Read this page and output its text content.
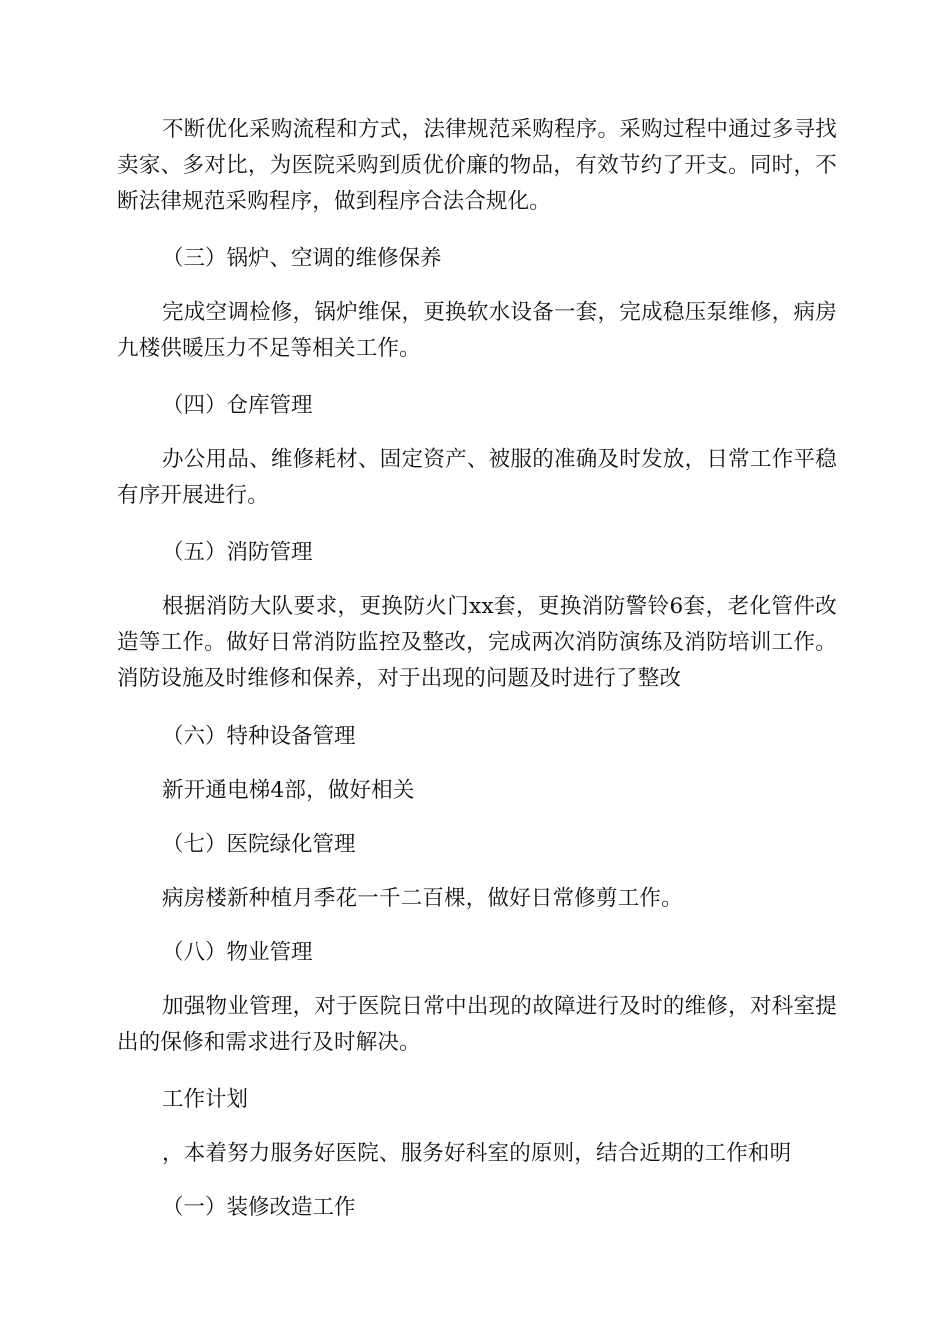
不断优化采购流程和方式，法律规范采购程序。采购过程中通过多寻找卖家、多对比，为医院采购到质优价廉的物品，有效节约了开支。同时，不断法律规范采购程序，做到程序合法合规化。

（三）锅炉、空调的维修保养

完成空调检修，锅炉维保，更换软水设备一套，完成稳压泵维修，病房九楼供暖压力不足等相关工作。

（四）仓库管理

办公用品、维修耗材、固定资产、被服的准确及时发放，日常工作平稳有序开展进行。

（五）消防管理

根据消防大队要求，更换防火门xx套，更换消防警铃6套，老化管件改造等工作。做好日常消防监控及整改，完成两次消防演练及消防培训工作。消防设施及时维修和保养，对于出现的问题及时进行了整改

（六）特种设备管理

新开通电梯4部，做好相关

（七）医院绿化管理

病房楼新种植月季花一千二百棵，做好日常修剪工作。

（八）物业管理

加强物业管理，对于医院日常中出现的故障进行及时的维修，对科室提出的保修和需求进行及时解决。

工作计划

，本着努力服务好医院、服务好科室的原则，结合近期的工作和明

（一）装修改造工作
